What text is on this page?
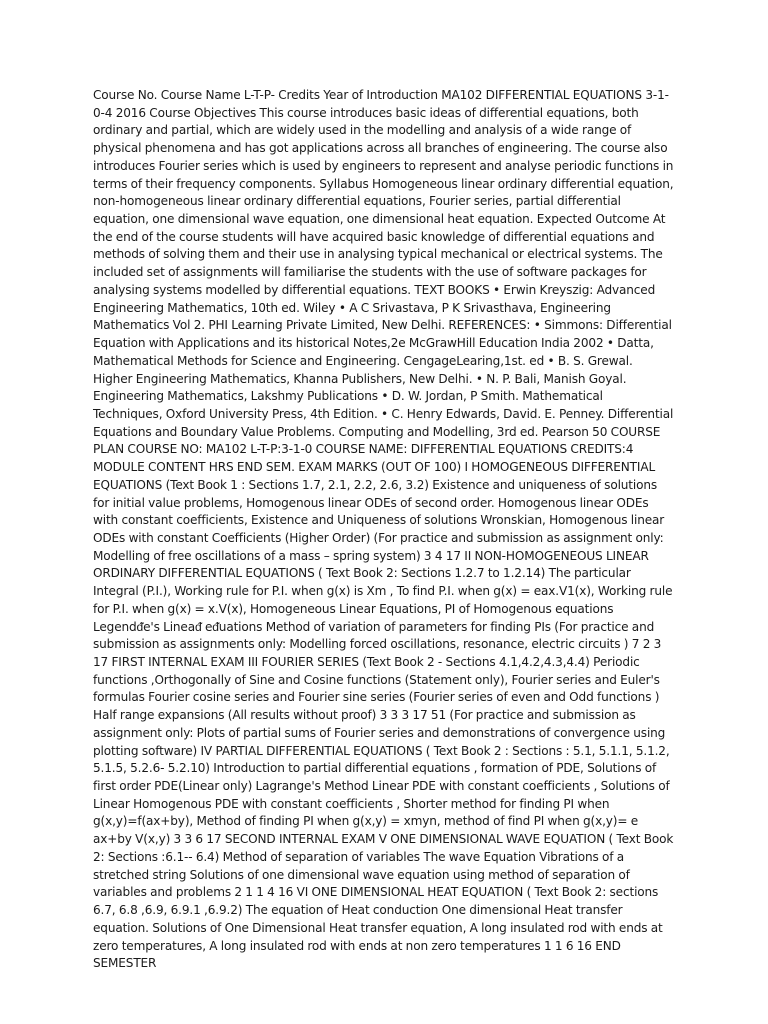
Course No. Course Name L-T-P- Credits Year of Introduction MA102 DIFFERENTIAL EQUATIONS 3-1-0-4 2016 Course Objectives This course introduces basic ideas of differential equations, both ordinary and partial, which are widely used in the modelling and analysis of a wide range of physical phenomena and has got applications across all branches of engineering. The course also introduces Fourier series which is used by engineers to represent and analyse periodic functions in terms of their frequency components. Syllabus Homogeneous linear ordinary differential equation, non-homogeneous linear ordinary differential equations, Fourier series, partial differential equation, one dimensional wave equation, one dimensional heat equation. Expected Outcome At the end of the course students will have acquired basic knowledge of differential equations and methods of solving them and their use in analysing typical mechanical or electrical systems. The included set of assignments will familiarise the students with the use of software packages for analysing systems modelled by differential equations. TEXT BOOKS • Erwin Kreyszig: Advanced Engineering Mathematics, 10th ed. Wiley • A C Srivastava, P K Srivasthava, Engineering Mathematics Vol 2. PHI Learning Private Limited, New Delhi. REFERENCES: • Simmons: Differential Equation with Applications and its historical Notes,2e McGrawHill Education India 2002 • Datta, Mathematical Methods for Science and Engineering. CengageLearing,1st. ed • B. S. Grewal. Higher Engineering Mathematics, Khanna Publishers, New Delhi. • N. P. Bali, Manish Goyal. Engineering Mathematics, Lakshmy Publications • D. W. Jordan, P Smith. Mathematical Techniques, Oxford University Press, 4th Edition. • C. Henry Edwards, David. E. Penney. Differential Equations and Boundary Value Problems. Computing and Modelling, 3rd ed. Pearson 50 COURSE PLAN COURSE NO: MA102 L-T-P:3-1-0 COURSE NAME: DIFFERENTIAL EQUATIONS CREDITS:4 MODULE CONTENT HRS END SEM. EXAM MARKS (OUT OF 100) I HOMOGENEOUS DIFFERENTIAL EQUATIONS (Text Book 1 : Sections 1.7, 2.1, 2.2, 2.6, 3.2) Existence and uniqueness of solutions for initial value problems, Homogenous linear ODEs of second order. Homogenous linear ODEs with constant coefficients, Existence and Uniqueness of solutions Wronskian, Homogenous linear ODEs with constant Coefficients (Higher Order) (For practice and submission as assignment only: Modelling of free oscillations of a mass – spring system) 3 4 17 II NON-HOMOGENEOUS LINEAR ORDINARY DIFFERENTIAL EQUATIONS ( Text Book 2: Sections 1.2.7 to 1.2.14) The particular Integral (P.I.), Working rule for P.I. when g(x) is Xm , To find P.I. when g(x) = eax.V1(x), Working rule for P.I. when g(x) = x.V(x), Homogeneous Linear Equations, PI of Homogenous equations Legendᵭe's Lineaᵭ eᵭuations Method of variation of parameters for finding PIs (For practice and submission as assignments only: Modelling forced oscillations, resonance, electric circuits ) 7 2 3 17 FIRST INTERNAL EXAM III FOURIER SERIES (Text Book 2 - Sections 4.1,4.2,4.3,4.4) Periodic functions ,Orthogonally of Sine and Cosine functions (Statement only), Fourier series and Euler's formulas Fourier cosine series and Fourier sine series (Fourier series of even and Odd functions ) Half range expansions (All results without proof) 3 3 3 17 51 (For practice and submission as assignment only: Plots of partial sums of Fourier series and demonstrations of convergence using plotting software) IV PARTIAL DIFFERENTIAL EQUATIONS ( Text Book 2 : Sections : 5.1, 5.1.1, 5.1.2, 5.1.5, 5.2.6- 5.2.10) Introduction to partial differential equations , formation of PDE, Solutions of first order PDE(Linear only) Lagrange's Method Linear PDE with constant coefficients , Solutions of Linear Homogenous PDE with constant coefficients , Shorter method for finding PI when g(x,y)=f(ax+by), Method of finding PI when g(x,y) = xmyn, method of find PI when g(x,y)= e ax+by V(x,y) 3 3 6 17 SECOND INTERNAL EXAM V ONE DIMENSIONAL WAVE EQUATION ( Text Book 2: Sections :6.1-- 6.4) Method of separation of variables The wave Equation Vibrations of a stretched string Solutions of one dimensional wave equation using method of separation of variables and problems 2 1 1 4 16 VI ONE DIMENSIONAL HEAT EQUATION ( Text Book 2: sections 6.7, 6.8 ,6.9, 6.9.1 ,6.9.2) The equation of Heat conduction One dimensional Heat transfer equation. Solutions of One Dimensional Heat transfer equation, A long insulated rod with ends at zero temperatures, A long insulated rod with ends at non zero temperatures 1 1 6 16 END SEMESTER
